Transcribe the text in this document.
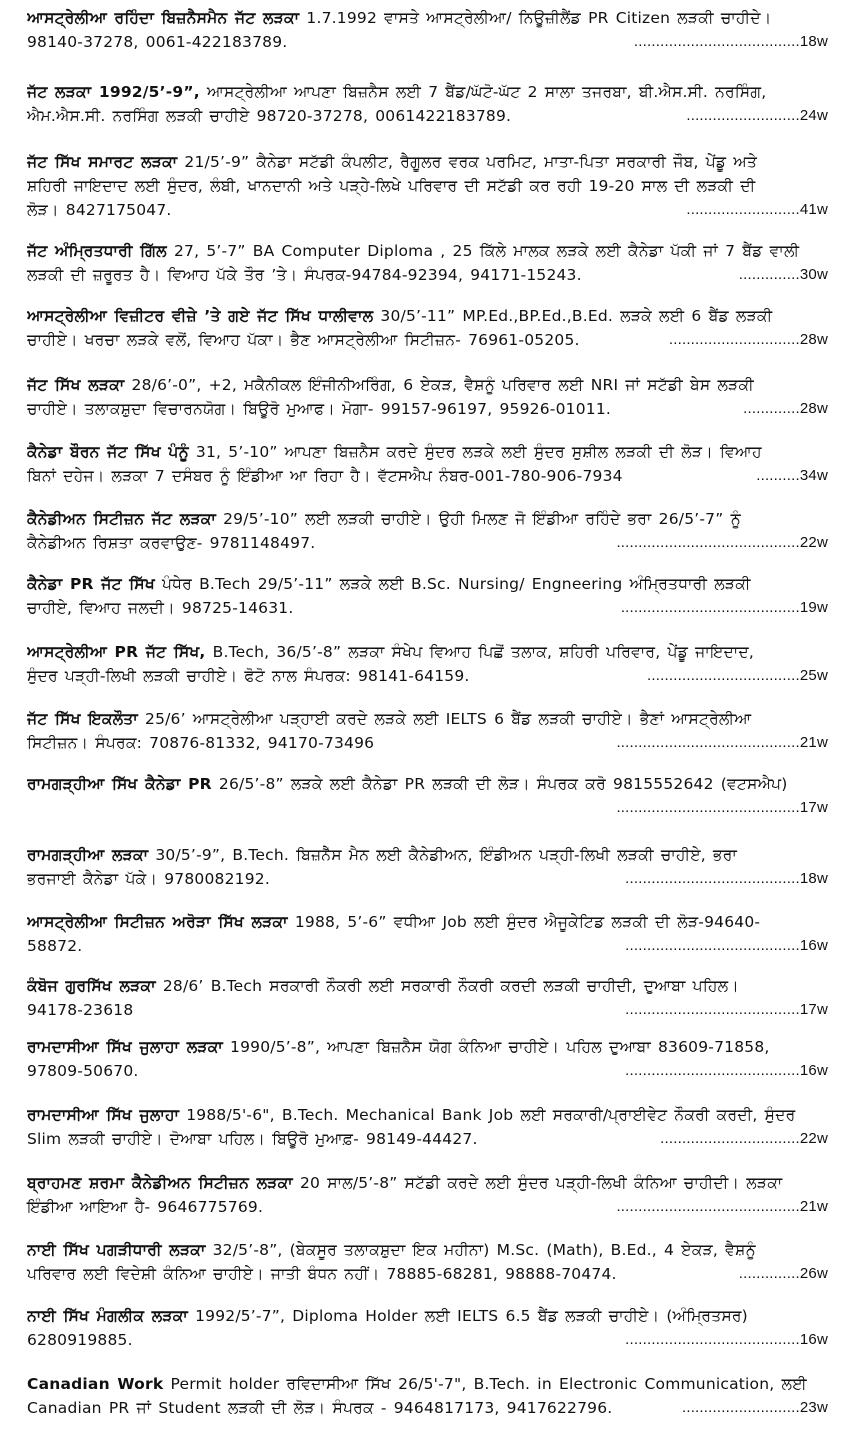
ਆਸਟ੍ਰੇਲੀਆ ਰਹਿੰਦਾ ਬਿਜ਼ਨੈਸਮੈਨ ਜੱਟ ਲੜਕਾ 1.7.1992 ਵਾਸਤੇ ਆਸਟ੍ਰੇਲੀਆ/ ਨਿਊਜ਼ੀਲੈਂਡ PR Citizen ਲੜਕੀ ਚਾਹੀਦੇ।
98140-37278, 0061-422183789.	......................................18w
ਜੱਟ ਲੜਕਾ 1992/5’-9”, ਆਸਟ੍ਰੇਲੀਆ ਆਪਣਾ ਬਿਜ਼ਨੈਸ ਲਈ 7 ਬੈਂਡ/ਘੱਟੋ-ਘੱਟ 2 ਸਾਲਾ ਤਜਰਬਾ, ਬੀ.ਐਸ.ਸੀ. ਨਰਸਿੰਗ,
ਐਮ.ਐਸ.ਸੀ. ਨਰਸਿੰਗ ਲੜਕੀ ਚਾਹੀਏ 98720-37278, 0061422183789.	..........................24w
ਜੱਟ ਸਿੱਖ ਸਮਾਰਟ ਲੜਕਾ 21/5’-9” ਕੈਨੇਡਾ ਸਟੱਡੀ ਕੰਪਲੀਟ, ਰੈਗੂਲਰ ਵਰਕ ਪਰਮਿਟ, ਮਾਤਾ-ਪਿਤਾ ਸਰਕਾਰੀ ਜੌਬ, ਪੇਂਡੂ ਅਤੇ
ਸ਼ਹਿਰੀ ਜਾਇਦਾਦ ਲਈ ਸੁੰਦਰ, ਲੰਬੀ, ਖਾਨਦਾਨੀ ਅਤੇ ਪੜ੍ਹੇ-ਲਿਖੇ ਪਰਿਵਾਰ ਦੀ ਸਟੱਡੀ ਕਰ ਰਹੀ 19-20 ਸਾਲ ਦੀ ਲੜਕੀ ਦੀ
ਲੋੜ। 8427175047.	..........................41w
ਜੱਟ ਅੰਮ੍ਰਿਤਧਾਰੀ ਗਿੱਲ 27, 5’-7” BA Computer Diploma , 25 ਕਿੱਲੇ ਮਾਲਕ ਲੜਕੇ ਲਈ ਕੈਨੇਡਾ ਪੱਕੀ ਜਾਂ 7 ਬੈਂਡ ਵਾਲੀ
ਲੜਕੀ ਦੀ ਜ਼ਰੂਰਤ ਹੈ। ਵਿਆਹ ਪੱਕੇ ਤੌਰ ’ਤੇ। ਸੰਪਰਕ-94784-92394, 94171-15243.	..............30w
ਆਸਟ੍ਰੇਲੀਆ ਵਿਜ਼ੀਟਰ ਵੀਜ਼ੇ ’ਤੇ ਗਏ ਜੱਟ ਸਿੱਖ ਧਾਲੀਵਾਲ 30/5’-11” MP.Ed.,BP.Ed.,B.Ed. ਲੜਕੇ ਲਈ 6 ਬੈਂਡ ਲੜਕੀ
ਚਾਹੀਏ। ਖਰਚਾ ਲੜਕੇ ਵਲੋਂ, ਵਿਆਹ ਪੱਕਾ। ਭੈਣ ਆਸਟ੍ਰੇਲੀਆ ਸਿਟੀਜ਼ਨ- 76961-05205.	..............................28w
ਜੱਟ ਸਿੱਖ ਲੜਕਾ 28/6’-0”, +2, ਮਕੈਨੀਕਲ ਇੰਜੀਨੀਅਰਿੰਗ, 6 ਏਕੜ, ਵੈਸ਼ਨੂੰ ਪਰਿਵਾਰ ਲਈ NRI ਜਾਂ ਸਟੱਡੀ ਬੇਸ ਲੜਕੀ
ਚਾਹੀਏ। ਤਲਾਕਸ਼ੁਦਾ ਵਿਚਾਰਨਯੋਗ। ਬਿਊਰੋ ਮੁਆਫ। ਮੋਗਾ- 99157-96197, 95926-01011.	.............28w
ਕੈਨੇਡਾ ਬੌਰਨ ਜੱਟ ਸਿੱਖ ਪੰਨੂੰ 31, 5’-10” ਆਪਣਾ ਬਿਜ਼ਨੈਸ ਕਰਦੇ ਸੁੰਦਰ ਲੜਕੇ ਲਈ ਸੁੰਦਰ ਸੁਸ਼ੀਲ ਲੜਕੀ ਦੀ ਲੋੜ। ਵਿਆਹ
ਬਿਨਾਂ ਦਹੇਜ। ਲੜਕਾ 7 ਦਸੰਬਰ ਨੂੰ ਇੰਡੀਆ ਆ ਰਿਹਾ ਹੈ। ਵੱਟਸਐਪ ਨੰਬਰ-001-780-906-7934	..........34w
ਕੈਨੇਡੀਅਨ ਸਿਟੀਜ਼ਨ ਜੱਟ ਲੜਕਾ 29/5’-10” ਲਈ ਲੜਕੀ ਚਾਹੀਏ। ਉਹੀ ਮਿਲਣ ਜੋ ਇੰਡੀਆ ਰਹਿੰਦੇ ਭਰਾ 26/5’-7” ਨੂੰ
ਕੈਨੇਡੀਅਨ ਰਿਸ਼ਤਾ ਕਰਵਾਉਣ- 9781148497.	..........................................22w
ਕੈਨੇਡਾ PR ਜੱਟ ਸਿੱਖ ਪੰਧੇਰ B.Tech 29/5’-11” ਲੜਕੇ ਲਈ B.Sc. Nursing/ Engneering ਅੰਮ੍ਰਿਤਧਾਰੀ ਲੜਕੀ
ਚਾਹੀਏ, ਵਿਆਹ ਜਲਦੀ। 98725-14631.	.........................................19w
ਆਸਟ੍ਰੇਲੀਆ PR ਜੱਟ ਸਿੱਖ, B.Tech, 36/5’-8” ਲੜਕਾ ਸੰਖੇਪ ਵਿਆਹ ਪਿਛੋਂ ਤਲਾਕ, ਸ਼ਹਿਰੀ ਪਰਿਵਾਰ, ਪੇਂਡੂ ਜਾਇਦਾਦ,
ਸੁੰਦਰ ਪੜ੍ਹੀ-ਲਿਖੀ ਲੜਕੀ ਚਾਹੀਏ। ਫੋਟੋ ਨਾਲ ਸੰਪਰਕ: 98141-64159.	...................................25w
ਜੱਟ ਸਿੱਖ ਇਕਲੌਤਾ 25/6’ ਆਸਟ੍ਰੇਲੀਆ ਪੜ੍ਹਾਈ ਕਰਦੇ ਲੜਕੇ ਲਈ IELTS 6 ਬੈਂਡ ਲੜਕੀ ਚਾਹੀਏ। ਭੈਣਾਂ ਆਸਟ੍ਰੇਲੀਆ
ਸਿਟੀਜ਼ਨ। ਸੰਪਰਕ: 70876-81332, 94170-73496	..........................................21w
ਰਾਮਗੜ੍ਹੀਆ ਸਿੱਖ ਕੈਨੇਡਾ PR 26/5’-8” ਲੜਕੇ ਲਈ ਕੈਨੇਡਾ PR ਲੜਕੀ ਦੀ ਲੋੜ। ਸੰਪਰਕ ਕਰੋ 9815552642 (ਵਟਸਐਪ)
..........................................17w
ਰਾਮਗੜ੍ਹੀਆ ਲੜਕਾ 30/5’-9”, B.Tech. ਬਿਜ਼ਨੈੱਸ ਮੈਨ ਲਈ ਕੈਨੇਡੀਅਨ, ਇੰਡੀਅਨ ਪੜ੍ਹੀ-ਲਿਖੀ ਲੜਕੀ ਚਾਹੀਏ, ਭਰਾ
ਭਰਜਾਈ ਕੈਨੇਡਾ ਪੱਕੇ। 9780082192.	........................................18w
ਆਸਟ੍ਰੇਲੀਆ ਸਿਟੀਜ਼ਨ ਅਰੋੜਾ ਸਿੱਖ ਲੜਕਾ 1988, 5’-6” ਵਧੀਆ Job ਲਈ ਸੁੰਦਰ ਐਜੂਕੇਟਿਡ ਲੜਕੀ ਦੀ ਲੋੜ-94640-
58872.	........................................16w
ਕੰਬੋਜ ਗੁਰਸਿੱਖ ਲੜਕਾ 28/6’ B.Tech ਸਰਕਾਰੀ ਨੌਕਰੀ ਲਈ ਸਰਕਾਰੀ ਨੌਕਰੀ ਕਰਦੀ ਲੜਕੀ ਚਾਹੀਦੀ, ਦੁਆਬਾ ਪਹਿਲ।
94178-23618	........................................17w
ਰਾਮਦਾਸੀਆ ਸਿੱਖ ਜੁਲਾਹਾ ਲੜਕਾ 1990/5’-8”, ਆਪਣਾ ਬਿਜ਼ਨੈਸ ਯੋਗ ਕੰਨਿਆ ਚਾਹੀਏ। ਪਹਿਲ ਦੁਆਬਾ 83609-71858,
97809-50670.	........................................16w
ਰਾਮਦਾਸੀਆ ਸਿੱਖ ਜੁਲਾਹਾ 1988/5'-6", B.Tech. Mechanical Bank Job ਲਈ ਸਰਕਾਰੀ/ਪ੍ਰਾਈਵੇਟ ਨੌਕਰੀ ਕਰਦੀ, ਸੁੰਦਰ
Slim ਲੜਕੀ ਚਾਹੀਏ। ਦੋਆਬਾ ਪਹਿਲ। ਬਿਊਰੋ ਮੁਆਫ਼- 98149-44427.	................................22w
ਬ੍ਰਾਹਮਣ ਸ਼ਰਮਾ ਕੈਨੇਡੀਅਨ ਸਿਟੀਜ਼ਨ ਲੜਕਾ 20 ਸਾਲ/5’-8” ਸਟੱਡੀ ਕਰਦੇ ਲਈ ਸੁੰਦਰ ਪੜ੍ਹੀ-ਲਿਖੀ ਕੰਨਿਆ ਚਾਹੀਦੀ। ਲੜਕਾ
ਇੰਡੀਆ ਆਇਆ ਹੈ- 9646775769.	..........................................21w
ਨਾਈ ਸਿੱਖ ਪਗੜੀਧਾਰੀ ਲੜਕਾ 32/5’-8”, (ਬੇਕਸੂਰ ਤਲਾਕਸ਼ੁਦਾ ਇਕ ਮਹੀਨਾ) M.Sc. (Math), B.Ed., 4 ਏਕੜ, ਵੈਸ਼ਨੂੰ
ਪਰਿਵਾਰ ਲਈ ਵਿਦੇਸ਼ੀ ਕੰਨਿਆ ਚਾਹੀਏ। ਜਾਤੀ ਬੰਧਨ ਨਹੀਂ। 78885-68281, 98888-70474.	..............26w
ਨਾਈ ਸਿੱਖ ਮੰਗਲੀਕ ਲੜਕਾ 1992/5’-7”, Diploma Holder ਲਈ IELTS 6.5 ਬੈਂਡ ਲੜਕੀ ਚਾਹੀਏ। (ਅੰਮ੍ਰਿਤਸਰ)
6280919885.	........................................16w
Canadian Work Permit holder ਰਵਿਦਾਸੀਆ ਸਿੱਖ 26/5'-7", B.Tech. in Electronic Communication, ਲਈ
Canadian PR ਜਾਂ Student ਲੜਕੀ ਦੀ ਲੋੜ। ਸੰਪਰਕ - 9464817173, 9417622796.	...........................23w
